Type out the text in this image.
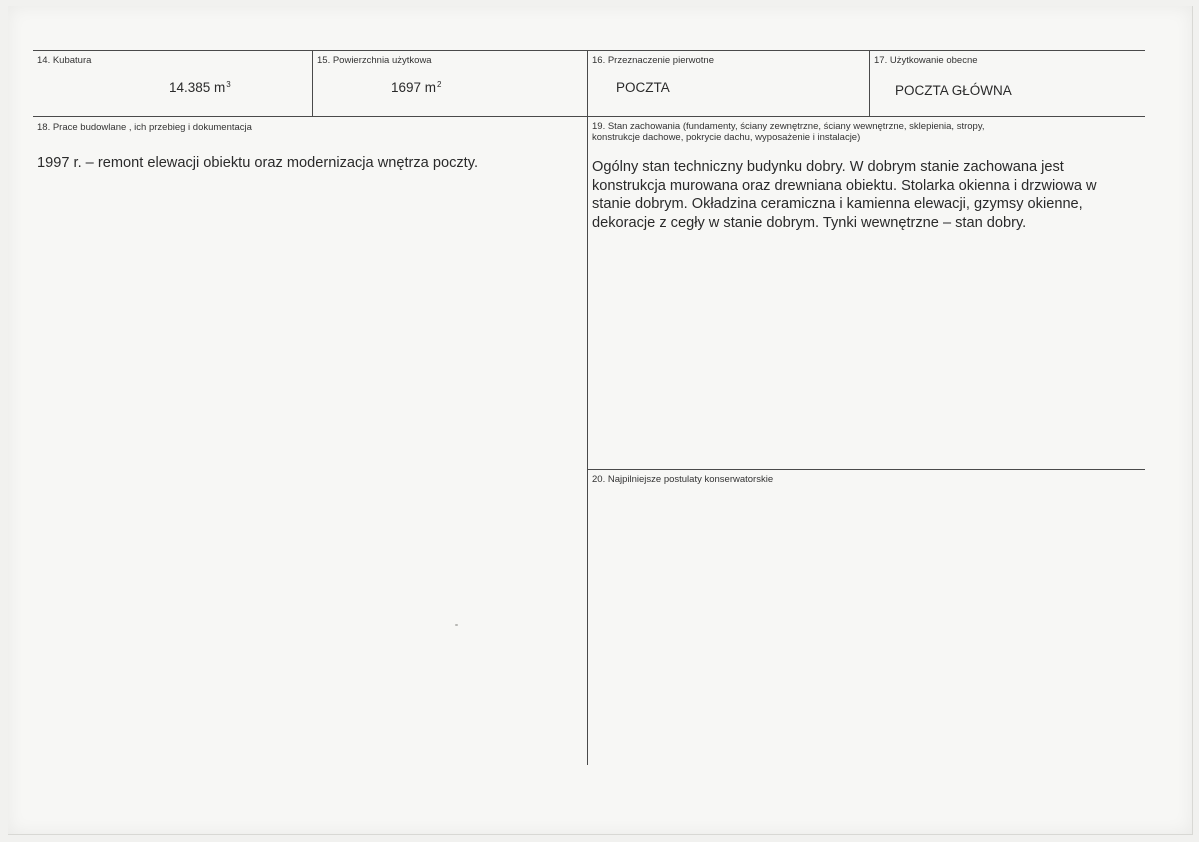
14. Kubatura
14.385 $m^3$
15. Powierzchnia użytkowa
1697 $m^2$
16. Przeznaczenie pierwotne
POCZTA
17. Użytkowanie obecne
POCZTA GŁÓWNA
18. Prace budowlane , ich przebieg i dokumentacja
1997 r. – remont elewacji obiektu oraz modernizacja wnętrza poczty.
19. Stan zachowania (fundamenty, ściany zewnętrzne, ściany wewnętrzne, sklepienia, stropy,
konstrukcje dachowe, pokrycie dachu, wyposażenie i instalacje)
Ogólny stan techniczny budynku dobry. W dobrym stanie zachowana jest
konstrukcja murowana oraz drewniana obiektu. Stolarka okienna i drzwiowa w
stanie dobrym. Okładzina ceramiczna i kamienna elewacji, gzymsy okienne,
dekoracje z cegły w stanie dobrym. Tynki wewnętrzne – stan dobry.
20. Najpilniejsze postulaty konserwatorskie
